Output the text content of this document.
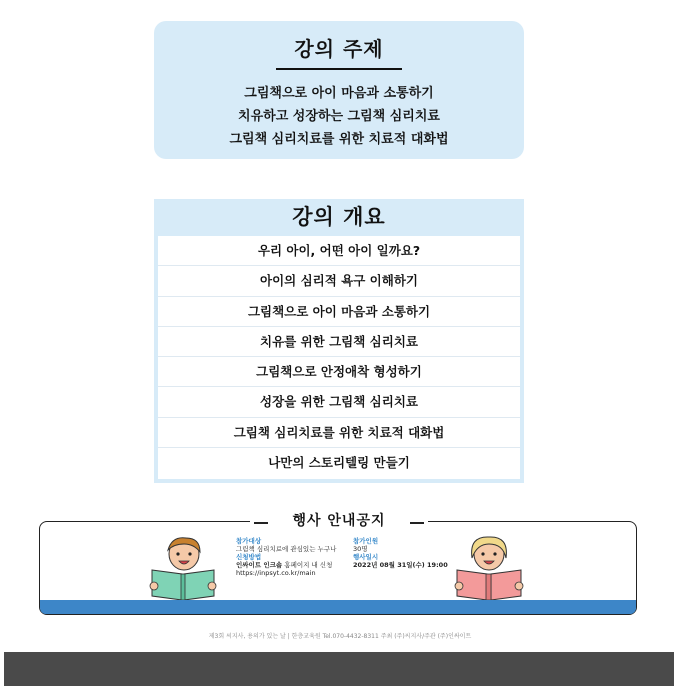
강의 주제
그림책으로 아이 마음과 소통하기
치유하고 성장하는 그림책 심리치료
그림책 심리치료를 위한 치료적 대화법
강의 개요
우리 아이, 어떤 아이 일까요?
아이의 심리적 욕구 이해하기
그림책으로 아이 마음과 소통하기
치유를 위한 그림책 심리치료
그림책으로 안정애착 형성하기
성장을 위한 그림책 심리치료
그림책 심리치료를 위한 치료적 대화법
나만의 스토리텔링 만들기
행사 안내공지
참가대상
그림책 심리치료에 관심있는 누구나
신청방법
인싸이트 인크숍 홈페이지 내 신청
https://inpsyt.co.kr/main
참가인원
30명
행사일시
2022년 08월 31일(수) 19:00
제3회 씨지사, 용의가 있는 날 | 한층교육원 Tel.070-4432-8311 주최 (주)씨지사/주관 (주)인싸이트
